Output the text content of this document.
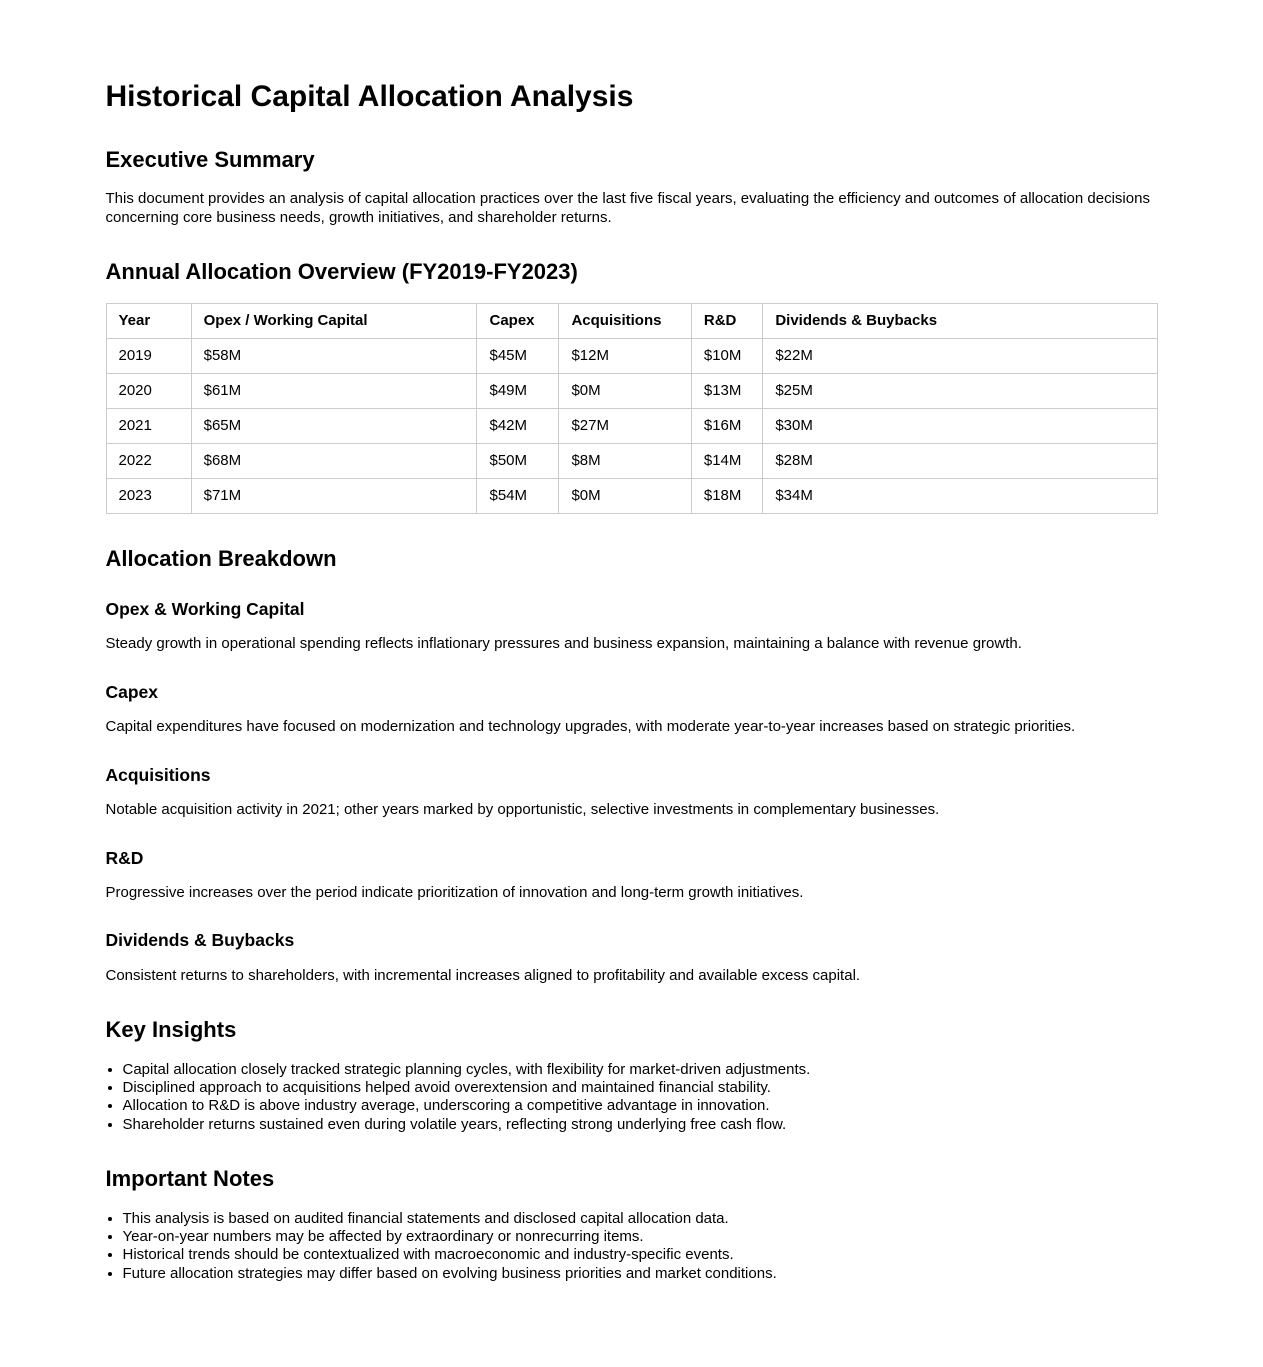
Historical Capital Allocation Analysis
Executive Summary

This document provides an analysis of capital allocation practices over the last five fiscal years, evaluating the efficiency and outcomes of allocation decisions concerning core business needs, growth initiatives, and shareholder returns.

Annual Allocation Overview (FY2019-FY2023)
Year	Opex / Working Capital	Capex	Acquisitions	R&D	Dividends & Buybacks
2019	$58M	$45M	$12M	$10M	$22M
2020	$61M	$49M	$0M	$13M	$25M
2021	$65M	$42M	$27M	$16M	$30M
2022	$68M	$50M	$8M	$14M	$28M
2023	$71M	$54M	$0M	$18M	$34M
Allocation Breakdown
Opex & Working Capital

Steady growth in operational spending reflects inflationary pressures and business expansion, maintaining a balance with revenue growth.

Capex

Capital expenditures have focused on modernization and technology upgrades, with moderate year-to-year increases based on strategic priorities.

Acquisitions

Notable acquisition activity in 2021; other years marked by opportunistic, selective investments in complementary businesses.

R&D

Progressive increases over the period indicate prioritization of innovation and long-term growth initiatives.

Dividends & Buybacks

Consistent returns to shareholders, with incremental increases aligned to profitability and available excess capital.

Key Insights
• Capital allocation closely tracked strategic planning cycles, with flexibility for market-driven adjustments.
• Disciplined approach to acquisitions helped avoid overextension and maintained financial stability.
• Allocation to R&D is above industry average, underscoring a competitive advantage in innovation.
• Shareholder returns sustained even during volatile years, reflecting strong underlying free cash flow.
Important Notes
• This analysis is based on audited financial statements and disclosed capital allocation data.
• Year-on-year numbers may be affected by extraordinary or nonrecurring items.
• Historical trends should be contextualized with macroeconomic and industry-specific events.
• Future allocation strategies may differ based on evolving business priorities and market conditions.
